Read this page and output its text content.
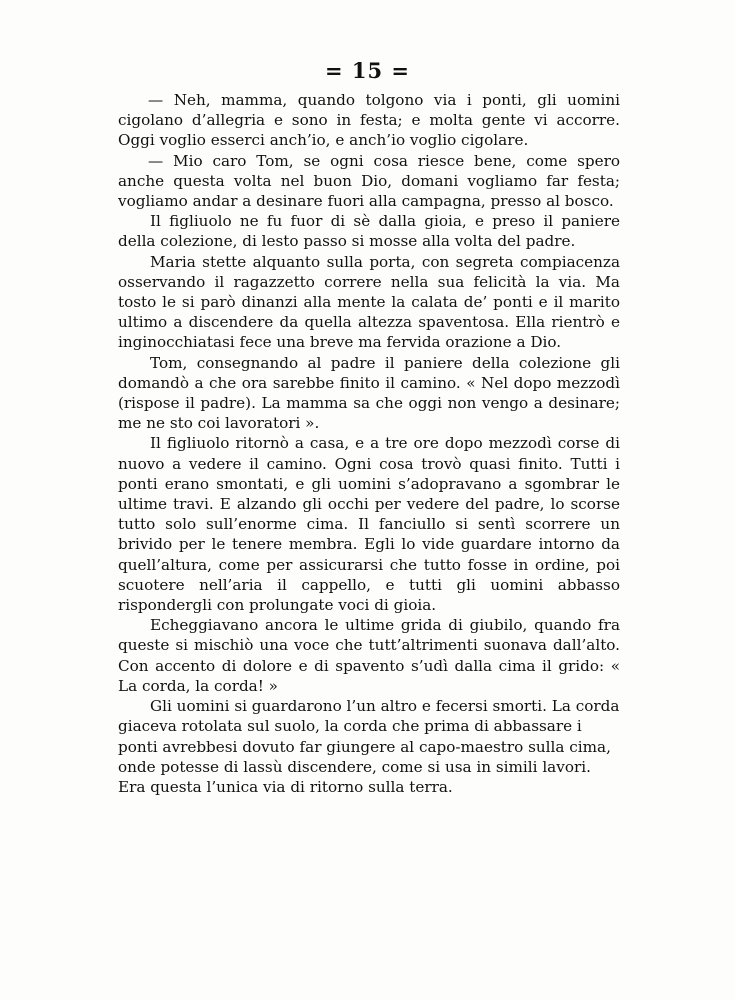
= 15 =

— Neh, mamma, quando tolgono via i ponti, gli uomini cigolano d’allegria e sono in festa; e molta gente vi accorre. Oggi voglio esserci anch’io, e anch’io voglio cigolare.

— Mio caro Tom, se ogni cosa riesce bene, come spero anche questa volta nel buon Dio, domani vogliamo far festa; vogliamo andar a desinare fuori alla campagna, presso al bosco.

Il figliuolo ne fu fuor di sè dalla gioia, e preso il paniere della colezione, di lesto passo si mosse alla volta del padre.

Maria stette alquanto sulla porta, con segreta compiacenza osservando il ragazzetto correre nella sua felicità la via. Ma tosto le si parò dinanzi alla mente la calata de’ ponti e il marito ultimo a discendere da quella altezza spaventosa. Ella rientrò e inginocchiatasi fece una breve ma fervida orazione a Dio.

Tom, consegnando al padre il paniere della colezione gli domandò a che ora sarebbe finito il camino. « Nel dopo mezzodì (rispose il padre). La mamma sa che oggi non vengo a desinare; me ne sto coi lavoratori ».

Il figliuolo ritornò a casa, e a tre ore dopo mezzodì corse di nuovo a vedere il camino. Ogni cosa trovò quasi finito. Tutti i ponti erano smontati, e gli uomini s’adopravano a sgombrar le ultime travi. E alzando gli occhi per vedere del padre, lo scorse tutto solo sull’enorme cima. Il fanciullo si sentì scorrere un brivido per le tenere membra. Egli lo vide guardare intorno da quell’altura, come per assicurarsi che tutto fosse in ordine, poi scuotere nell’aria il cappello, e tutti gli uomini abbasso rispondergli con prolungate voci di gioia.

Echeggiavano ancora le ultime grida di giubilo, quando fra queste si mischiò una voce che tutt’altrimenti suonava dall’alto. Con accento di dolore e di spavento s’udì dalla cima il grido: « La corda, la corda! »

Gli uomini si guardarono l’un altro e fecersi smorti. La corda giaceva rotolata sul suolo, la corda che prima di abbassare i ponti avrebbesi dovuto far giungere al capo-maestro sulla cima, onde potesse di lassù discendere, come si usa in simili lavori. Era questa l’unica via di ritorno sulla terra.
